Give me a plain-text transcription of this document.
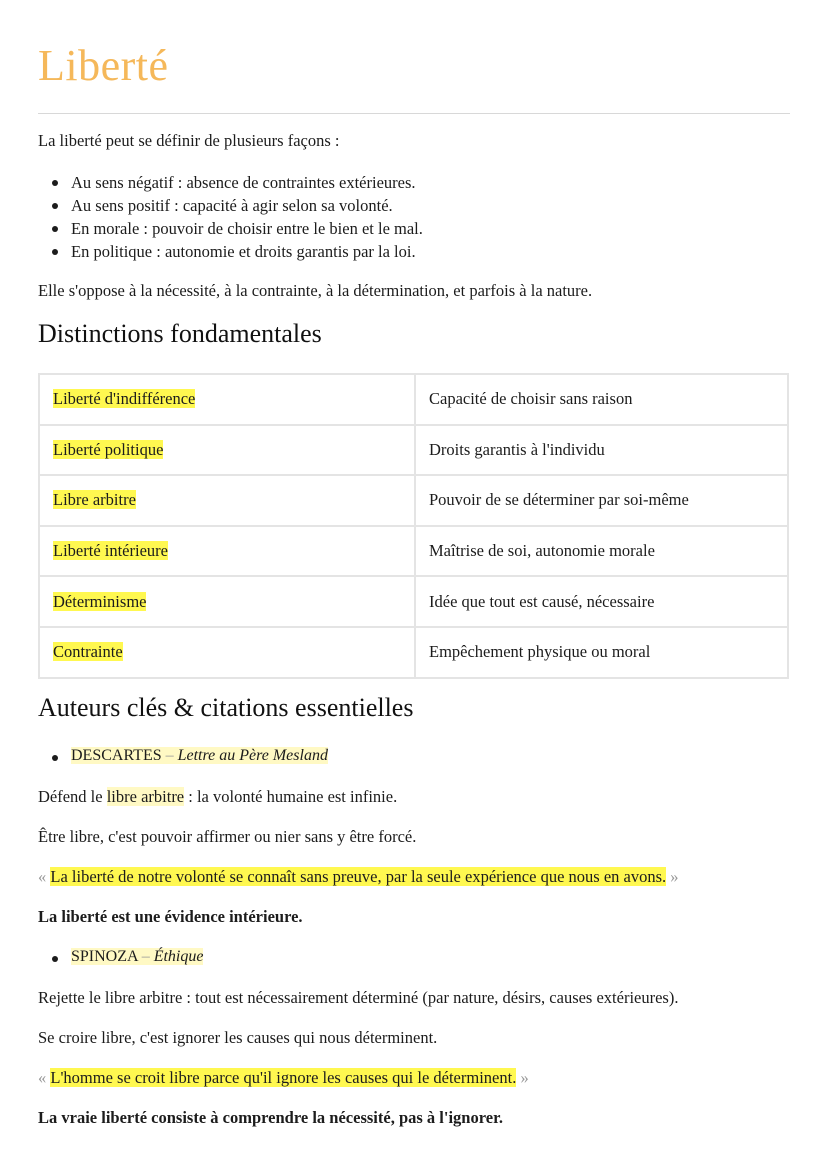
Liberté

La liberté peut se définir de plusieurs façons :

Au sens négatif : absence de contraintes extérieures.
Au sens positif : capacité à agir selon sa volonté.
En morale : pouvoir de choisir entre le bien et le mal.
En politique : autonomie et droits garantis par la loi.

Elle s'oppose à la nécessité, à la contrainte, à la détermination, et parfois à la nature.

Distinctions fondamentales
Liberté d'indifférence	Capacité de choisir sans raison
Liberté politique	Droits garantis à l'individu
Libre arbitre	Pouvoir de se déterminer par soi-même
Liberté intérieure	Maîtrise de soi, autonomie morale
Déterminisme	Idée que tout est causé, nécessaire
Contrainte	Empêchement physique ou moral
Auteurs clés & citations essentielles
DESCARTES – Lettre au Père Mesland

Défend le libre arbitre : la volonté humaine est infinie.

Être libre, c'est pouvoir affirmer ou nier sans y être forcé.

« La liberté de notre volonté se connaît sans preuve, par la seule expérience que nous en avons. »

La liberté est une évidence intérieure.

SPINOZA – Éthique

Rejette le libre arbitre : tout est nécessairement déterminé (par nature, désirs, causes extérieures).

Se croire libre, c'est ignorer les causes qui nous déterminent.

« L'homme se croit libre parce qu'il ignore les causes qui le déterminent. »

La vraie liberté consiste à comprendre la nécessité, pas à l'ignorer.
